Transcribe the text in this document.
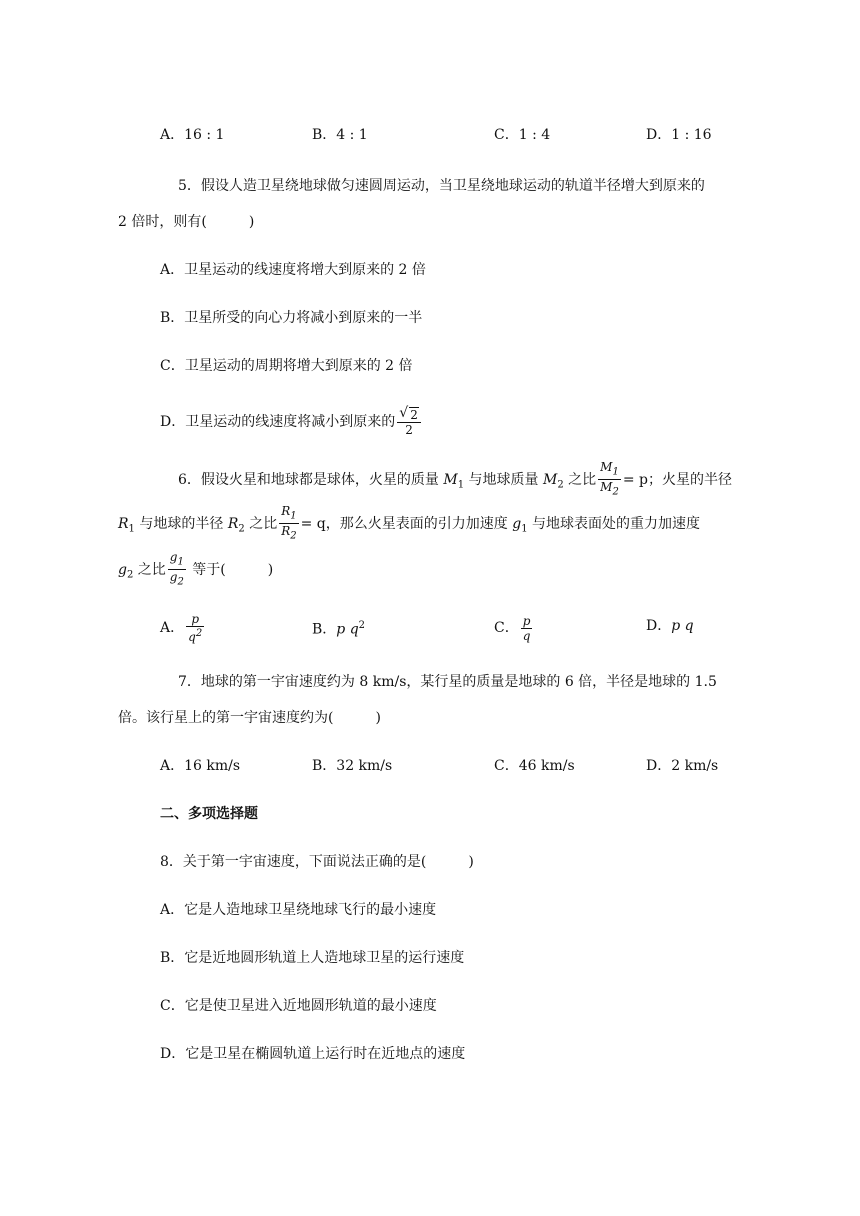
A．16 : 1	B．4 : 1	C．1 : 4	D．1 : 16
5．假设人造卫星绕地球做匀速圆周运动，当卫星绕地球运动的轨道半径增大到原来的
2 倍时，则有(　　　)
A．卫星运动的线速度将增大到原来的 2 倍
B．卫星所受的向心力将减小到原来的一半
C．卫星运动的周期将增大到原来的 2 倍
D．卫星运动的线速度将减小到原来的 $\frac{√ 2}{2}$
6．假设火星和地球都是球体，火星的质量 $M_1$ 与地球质量 $M_2$ 之比 $\frac{M_1}{M_2} = p$；火星的半径
$R_1$ 与地球的半径 $R_2$ 之比 $\frac{R_1}{R_2} = q$，那么火星表面的引力加速度 $g_1$ 与地球表面处的重力加速度
$g_2$ 之比 $\frac{g_1}{g_2}$ 等于(　　　)
A． $\frac{p}{q^2}$	B．p $q^2$	C． $\frac{p}{q}$	D．p q
7．地球的第一宇宙速度约为 8 km/s，某行星的质量是地球的 6 倍，半径是地球的 1.5
倍。该行星上的第一宇宙速度约为(　　　)
A．16 km/s	B．32 km/s	C．46 km/s	D．2 km/s
二、多项选择题
8．关于第一宇宙速度，下面说法正确的是(　　　)
A．它是人造地球卫星绕地球飞行的最小速度
B．它是近地圆形轨道上人造地球卫星的运行速度
C．它是使卫星进入近地圆形轨道的最小速度
D．它是卫星在椭圆轨道上运行时在近地点的速度
